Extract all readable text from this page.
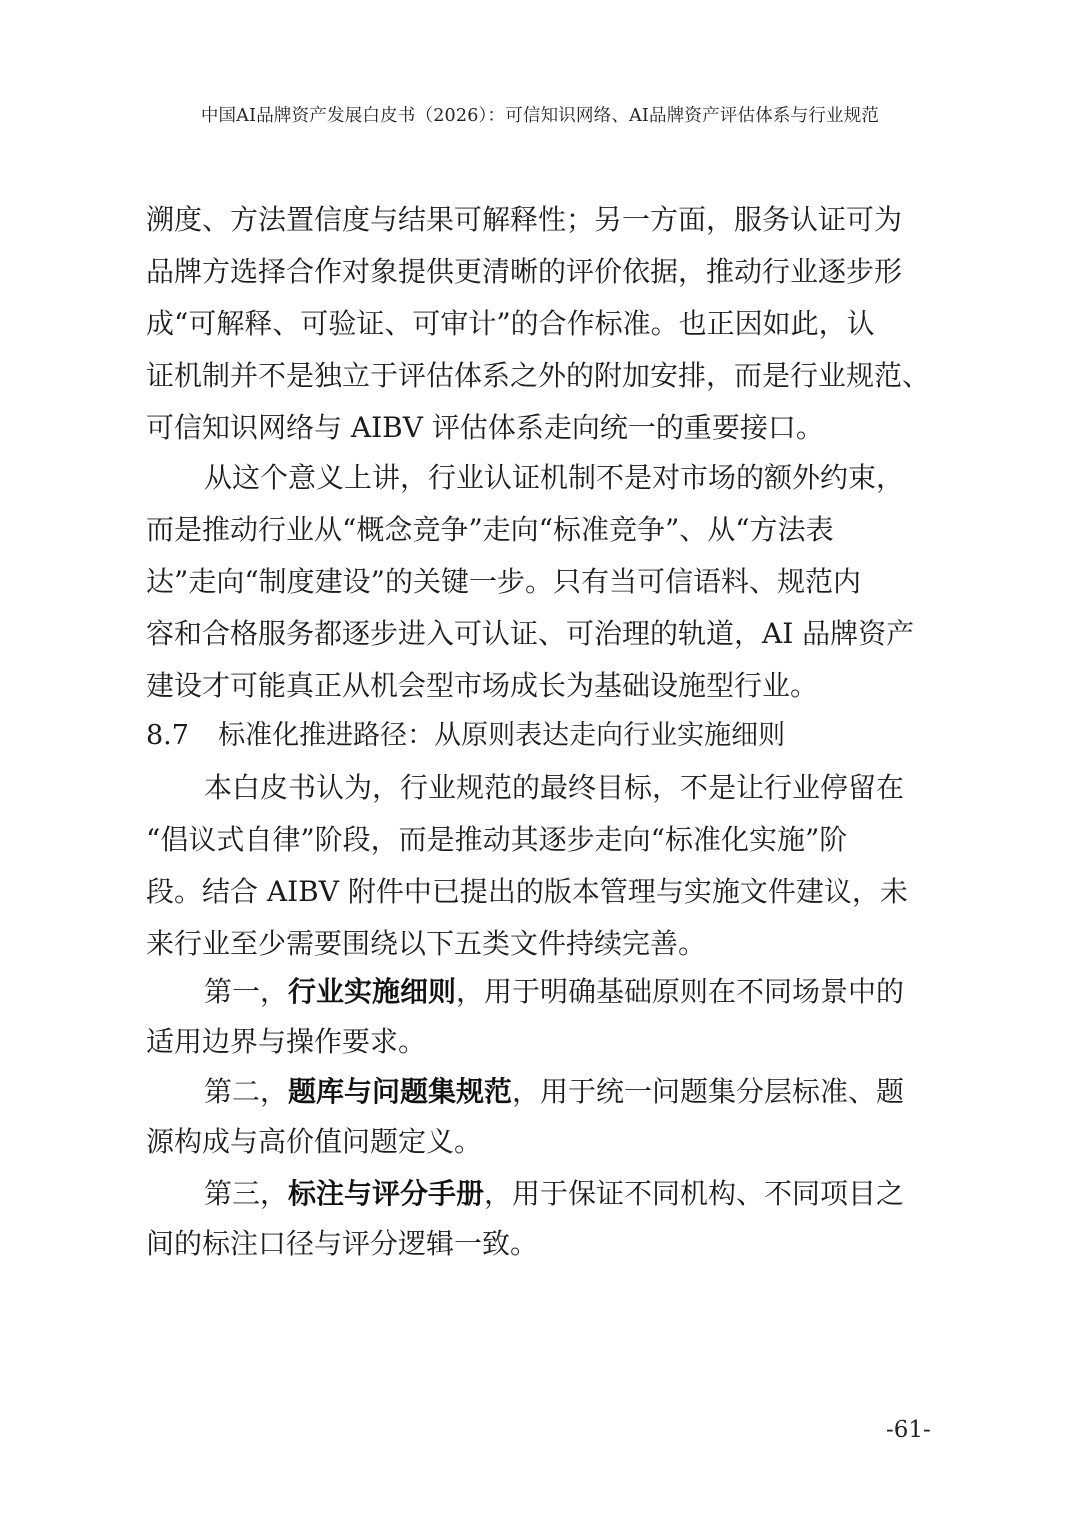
中国AI品牌资产发展白皮书（2026）：可信知识网络、AI品牌资产评估体系与行业规范
溯度、方法置信度与结果可解释性；另一方面，服务认证可为
品牌方选择合作对象提供更清晰的评价依据，推动行业逐步形
成“可解释、可验证、可审计”的合作标准。也正因如此，认
证机制并不是独立于评估体系之外的附加安排，而是行业规范、
可信知识网络与 AIBV 评估体系走向统一的重要接口。
从这个意义上讲，行业认证机制不是对市场的额外约束，
而是推动行业从“概念竞争”走向“标准竞争”、从“方法表
达”走向“制度建设”的关键一步。只有当可信语料、规范内
容和合格服务都逐步进入可认证、可治理的轨道，AI 品牌资产
建设才可能真正从机会型市场成长为基础设施型行业。
8.7 标准化推进路径：从原则表达走向行业实施细则
本白皮书认为，行业规范的最终目标，不是让行业停留在
“倡议式自律”阶段，而是推动其逐步走向“标准化实施”阶
段。结合 AIBV 附件中已提出的版本管理与实施文件建议，未
来行业至少需要围绕以下五类文件持续完善。
第一，行业实施细则，用于明确基础原则在不同场景中的
适用边界与操作要求。
第二，题库与问题集规范，用于统一问题集分层标准、题
源构成与高价值问题定义。
第三，标注与评分手册，用于保证不同机构、不同项目之
间的标注口径与评分逻辑一致。
-61-
